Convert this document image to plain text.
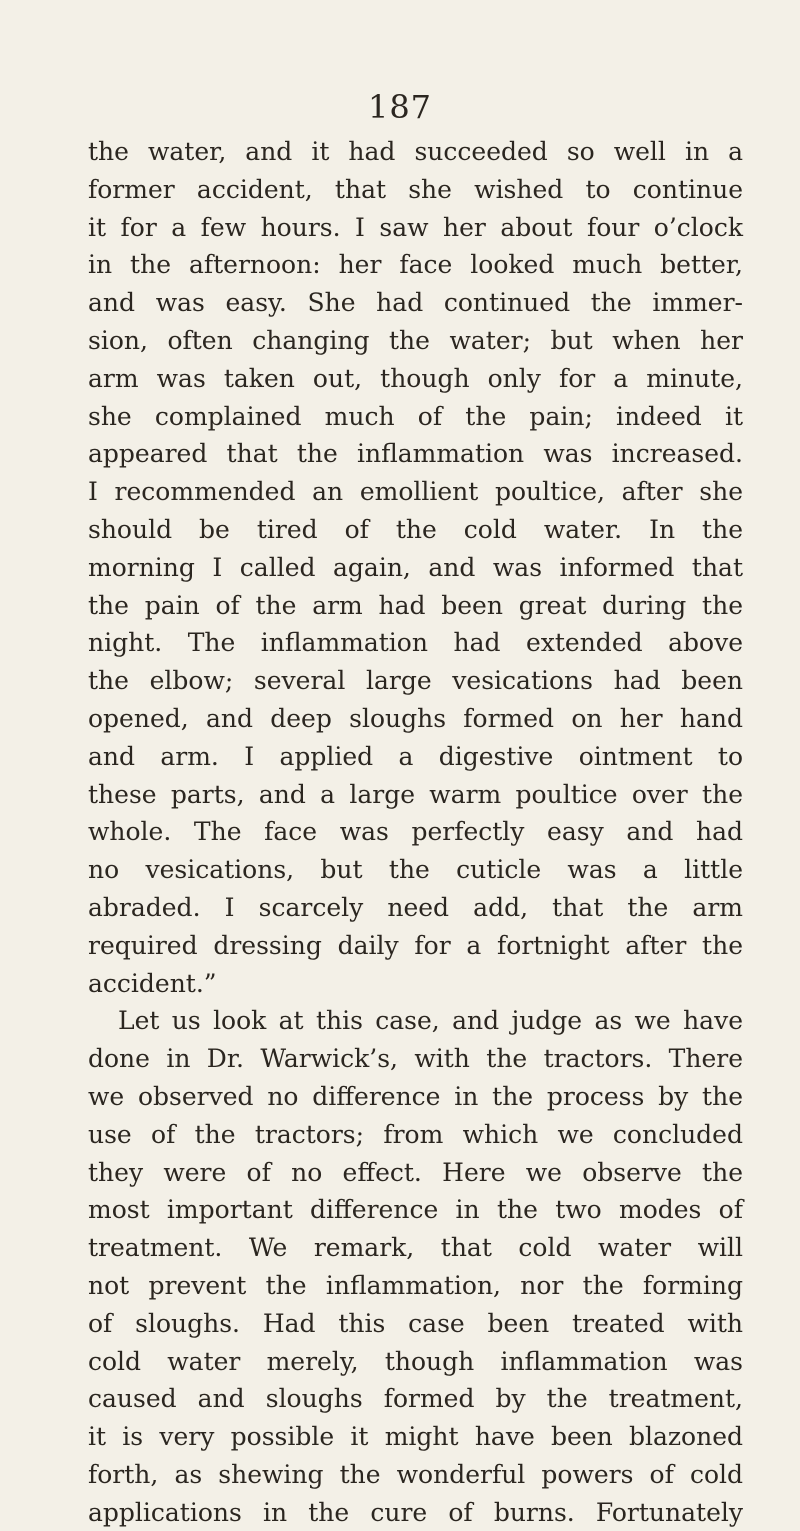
187
the water, and it had succeeded so well in a
former accident, that she wished to continue
it for a few hours. I saw her about four o’clock
in the afternoon: her face looked much better,
and was easy. She had continued the immer-
sion, often changing the water; but when her
arm was taken out, though only for a minute,
she complained much of the pain; indeed it
appeared that the inflammation was increased.
I recommended an emollient poultice, after she
should be tired of the cold water. In the
morning I called again, and was informed that
the pain of the arm had been great during the
night. The inflammation had extended above
the elbow; several large vesications had been
opened, and deep sloughs formed on her hand
and arm. I applied a digestive ointment to
these parts, and a large warm poultice over the
whole. The face was perfectly easy and had
no vesications, but the cuticle was a little
abraded. I scarcely need add, that the arm
required dressing daily for a fortnight after the
accident.”
Let us look at this case, and judge as we have
done in Dr. Warwick’s, with the tractors. There
we observed no difference in the process by the
use of the tractors; from which we concluded
they were of no effect. Here we observe the
most important difference in the two modes of
treatment. We remark, that cold water will
not prevent the inflammation, nor the forming
of sloughs. Had this case been treated with
cold water merely, though inflammation was
caused and sloughs formed by the treatment,
it is very possible it might have been blazoned
forth, as shewing the wonderful powers of cold
applications in the cure of burns. Fortunately
